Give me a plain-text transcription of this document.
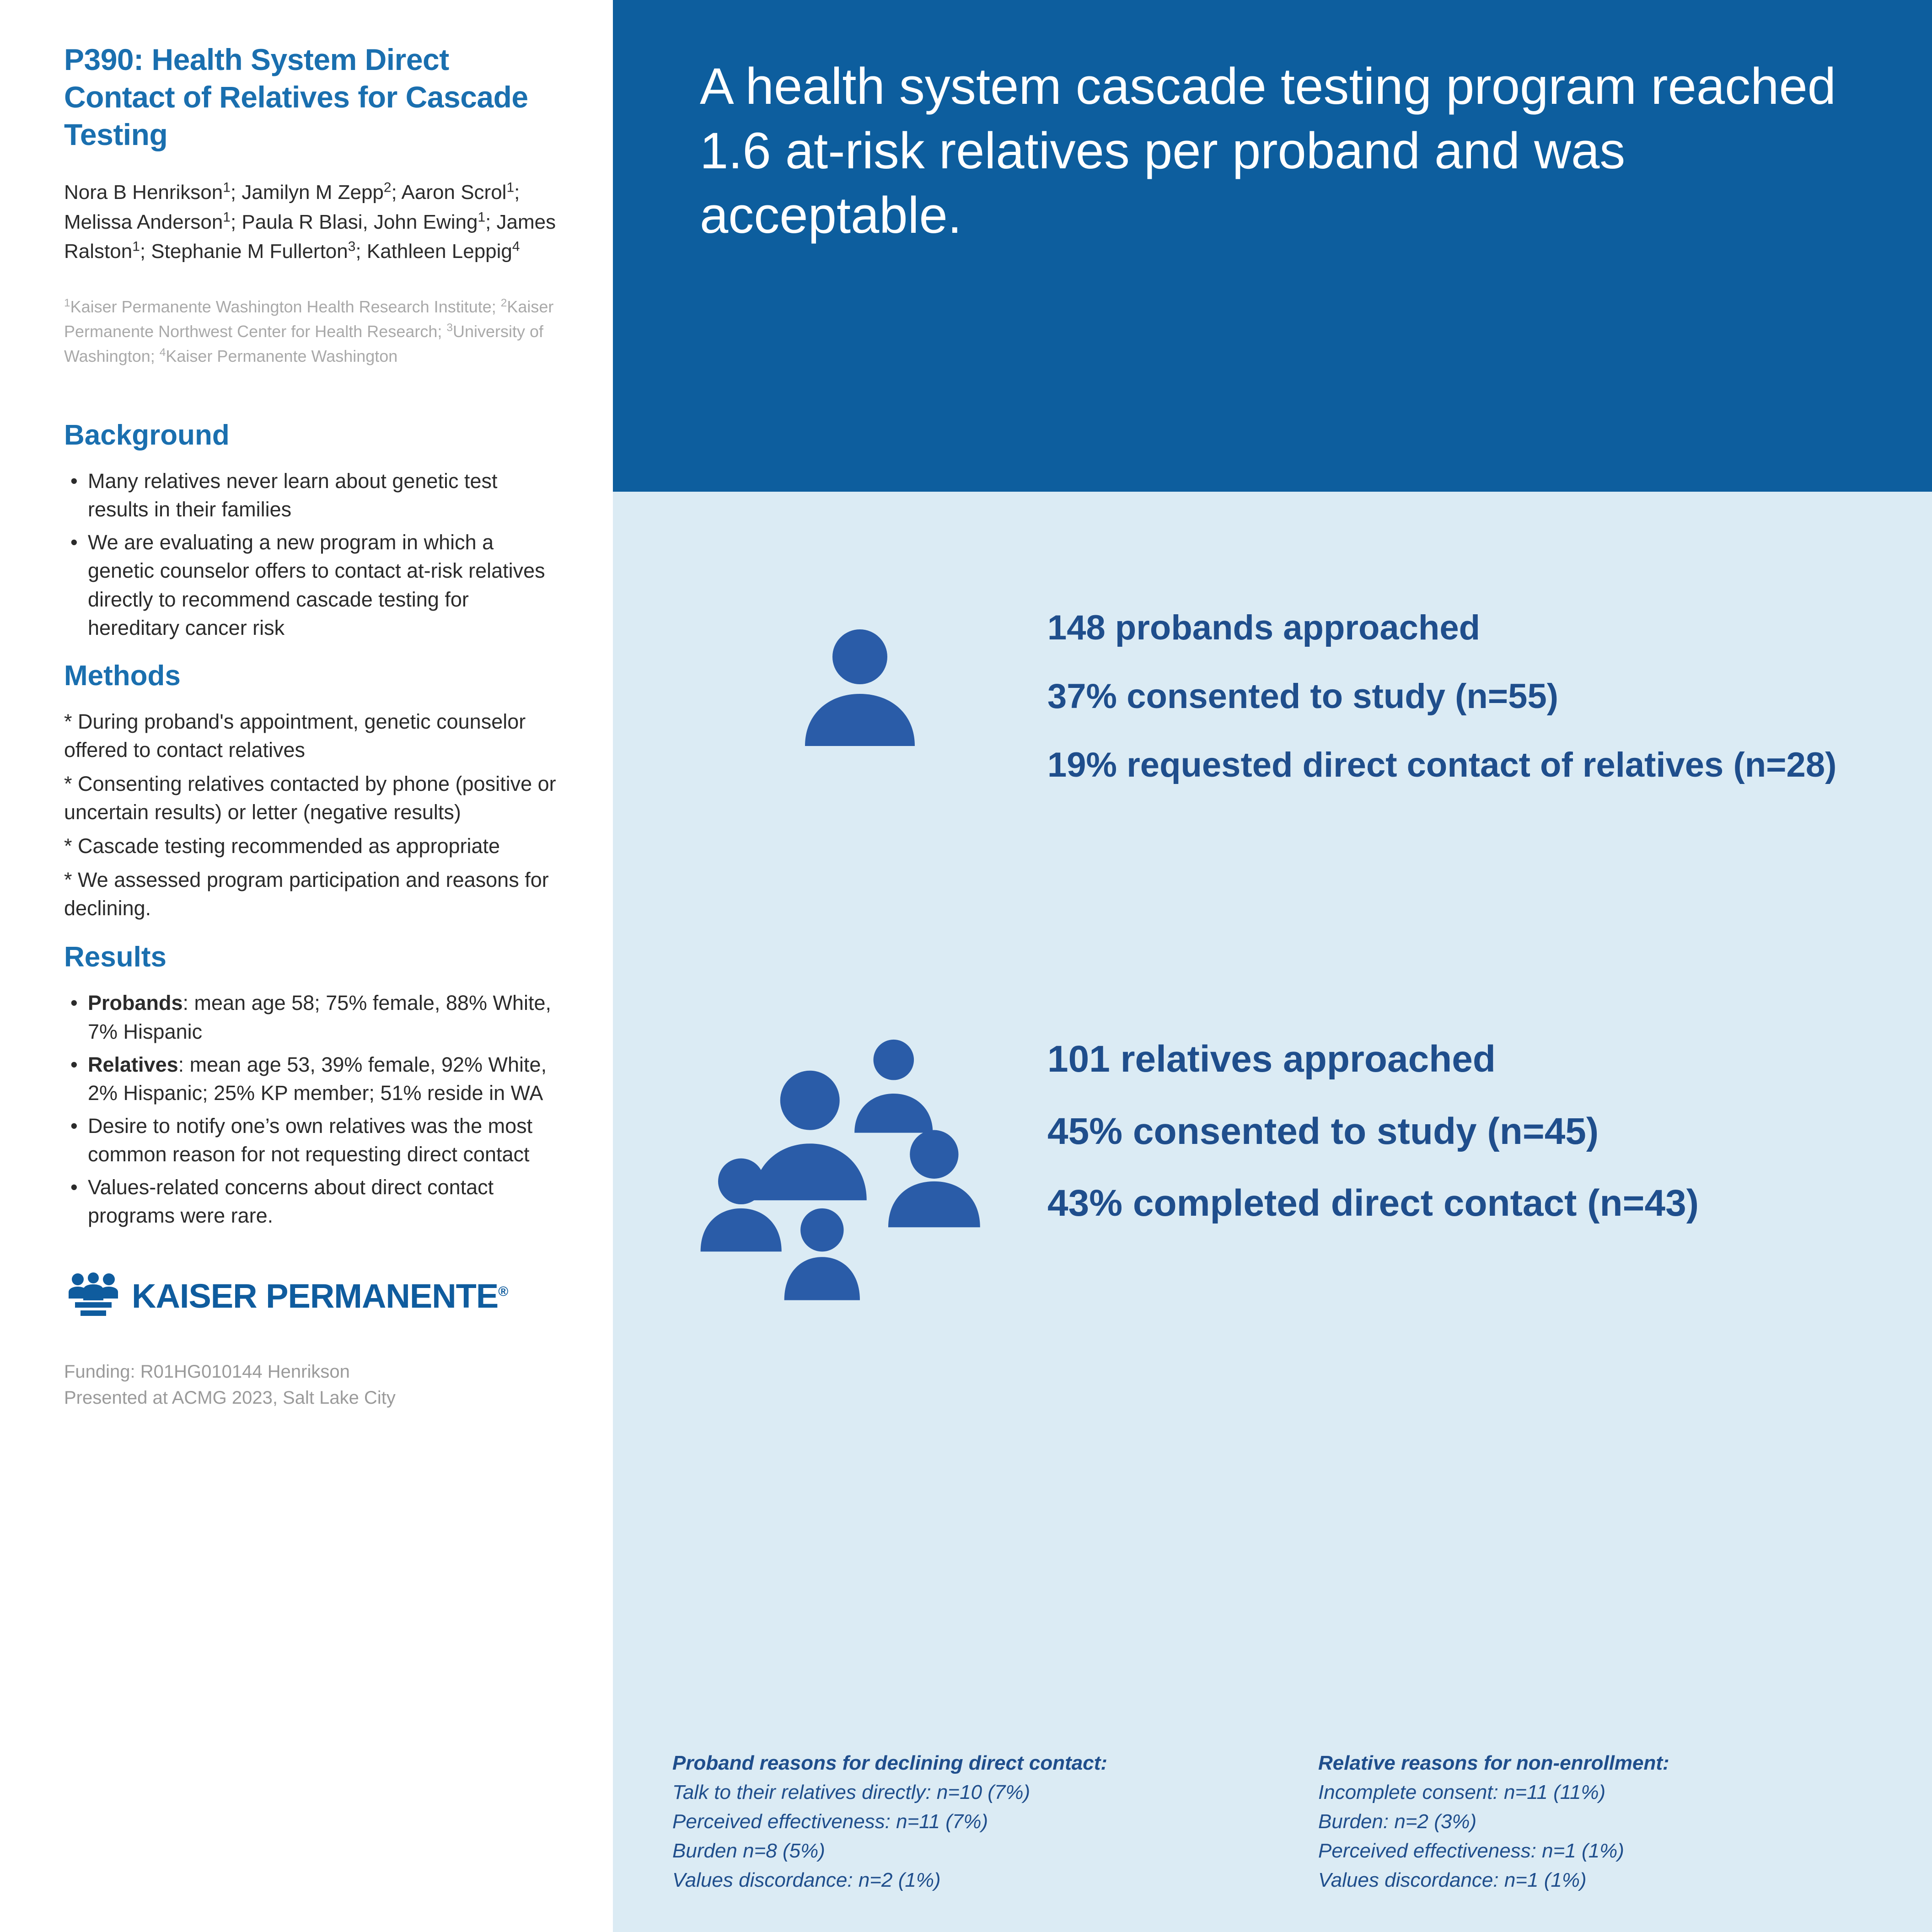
P390: Health System Direct Contact of Relatives for Cascade Testing
Nora B Henrikson$^1$; Jamilyn M Zepp$^2$; Aaron Scrol$^1$; Melissa Anderson$^1$; Paula R Blasi, John Ewing$^1$; James Ralston$^1$; Stephanie M Fullerton$^3$; Kathleen Leppig$^4$
$^1$Kaiser Permanente Washington Health Research Institute; $^2$Kaiser Permanente Northwest Center for Health Research; $^3$University of Washington; $^4$Kaiser Permanente Washington
Background
• Many relatives never learn about genetic test results in their families
• We are evaluating a new program in which a genetic counselor offers to contact at-risk relatives directly to recommend cascade testing for hereditary cancer risk
Methods

* During proband's appointment, genetic counselor offered to contact relatives

* Consenting relatives contacted by phone (positive or uncertain results) or letter (negative results)

* Cascade testing recommended as appropriate

* We assessed program participation and reasons for declining.

Results
• Probands: mean age 58; 75% female, 88% White, 7% Hispanic
• Relatives: mean age 53, 39% female, 92% White, 2% Hispanic; 25% KP member; 51% reside in WA
• Desire to notify one’s own relatives was the most common reason for not requesting direct contact
• Values-related concerns about direct contact programs were rare.
KAISER PERMANENTE®
Funding: R01HG010144 Henrikson
Presented at ACMG 2023, Salt Lake City
A health system cascade testing program reached 1.6 at-risk relatives per proband and was acceptable.

148 probands approached

37% consented to study (n=55)

19% requested direct contact of relatives (n=28)

101 relatives approached

45% consented to study (n=45)

43% completed direct contact (n=43)

Proband reasons for declining direct contact:

Talk to their relatives directly: n=10 (7%)

Perceived effectiveness: n=11 (7%)

Burden n=8 (5%)

Values discordance: n=2 (1%)

Relative reasons for non-enrollment:

Incomplete consent: n=11 (11%)

Burden: n=2 (3%)

Perceived effectiveness: n=1 (1%)

Values discordance: n=1 (1%)
